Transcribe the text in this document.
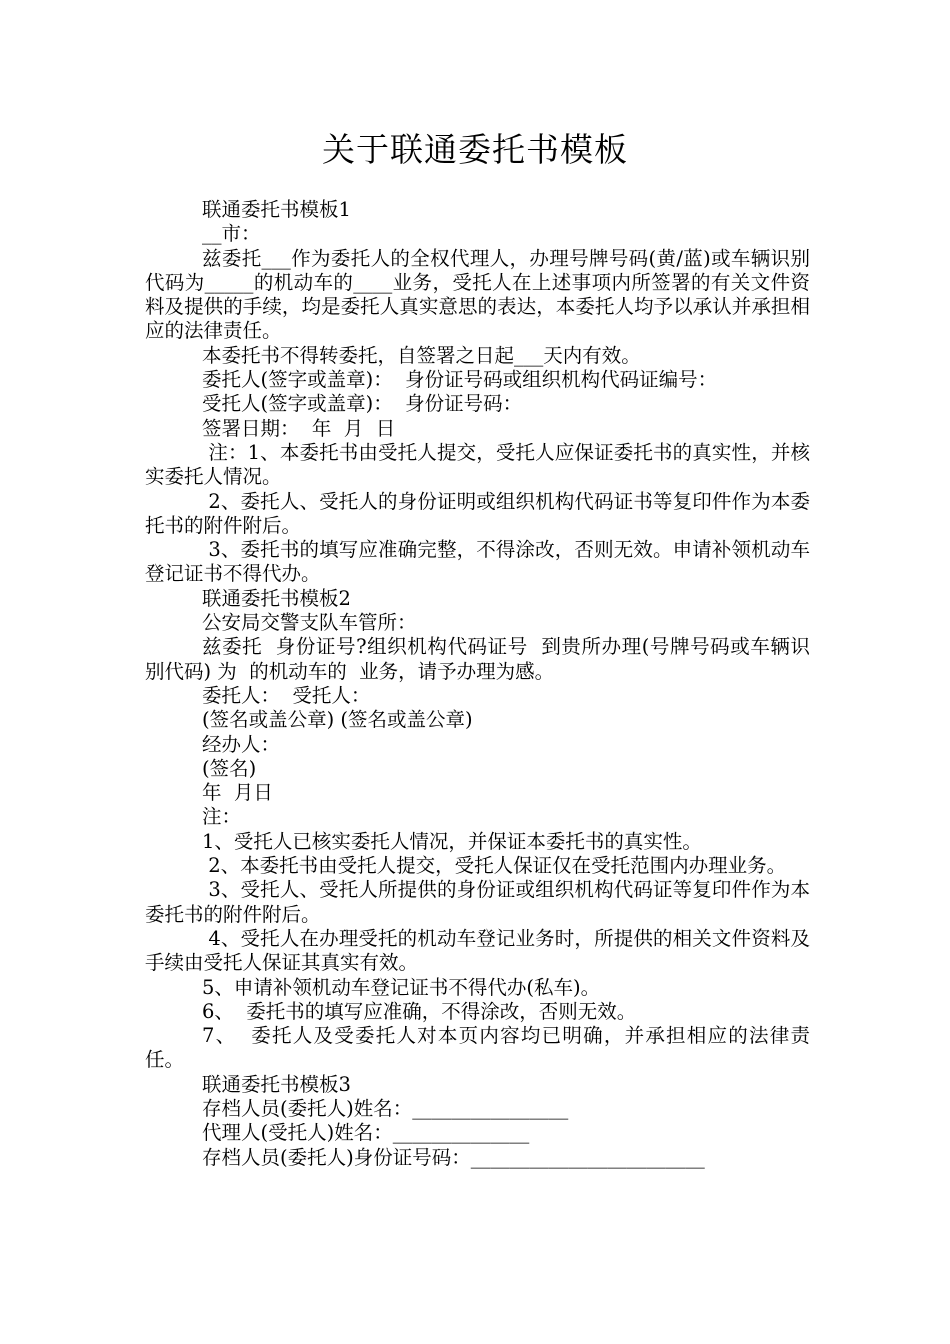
关于联通委托书模板

联通委托书模板1

__市：

兹委托___作为委托人的全权代理人，办理号牌号码(黄/蓝)或车辆识别代码为_____的机动车的____业务，受托人在上述事项内所签署的有关文件资料及提供的手续，均是委托人真实意思的表达，本委托人均予以承认并承担相应的法律责任。

本委托书不得转委托，自签署之日起___天内有效。

委托人(签字或盖章)：  身份证号码或组织机构代码证编号：

受托人(签字或盖章)：  身份证号码：

签署日期：  年  月  日

注：1、本委托书由受托人提交，受托人应保证委托书的真实性，并核实委托人情况。

2、委托人、受托人的身份证明或组织机构代码证书等复印件作为本委托书的附件附后。

3、委托书的填写应准确完整，不得涂改，否则无效。申请补领机动车登记证书不得代办。

联通委托书模板2

公安局交警支队车管所：

兹委托  身份证号?组织机构代码证号  到贵所办理(号牌号码或车辆识别代码) 为  的机动车的  业务，请予办理为感。

委托人：  受托人：

(签名或盖公章) (签名或盖公章)

经办人：

(签名)

年  月日

注：

1、受托人已核实委托人情况，并保证本委托书的真实性。

2、本委托书由受托人提交，受托人保证仅在受托范围内办理业务。

3、受托人、受托人所提供的身份证或组织机构代码证等复印件作为本委托书的附件附后。

4、受托人在办理受托的机动车登记业务时，所提供的相关文件资料及手续由受托人保证其真实有效。

5、申请补领机动车登记证书不得代办(私车)。

6、  委托书的填写应准确，不得涂改，否则无效。

7、  委托人及受委托人对本页内容均已明确，并承担相应的法律责任。

联通委托书模板3

存档人员(委托人)姓名：________________

代理人(受托人)姓名：______________

存档人员(委托人)身份证号码：________________________
